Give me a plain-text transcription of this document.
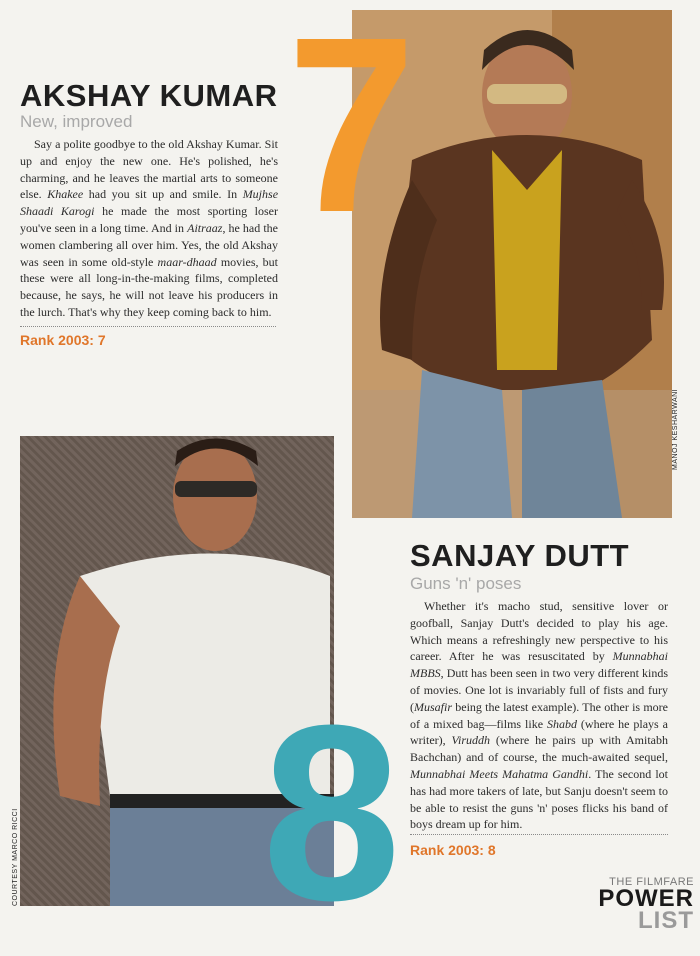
MANOJ KESHARWANI
7
AKSHAY KUMAR

New, improved

Say a polite goodbye to the old Akshay Kumar. Sit up and enjoy the new one. He's polished, he's charming, and he leaves the martial arts to someone else. Khakee had you sit up and smile. In Mujhse Shaadi Karogi he made the most sporting loser you've seen in a long time. And in Aitraaz, he had the women clambering all over him. Yes, the old Akshay was seen in some old-style maar-dhaad movies, but these were all long-in-the-making films, completed because, he says, he will not leave his producers in the lurch. That's why they keep coming back to him.

Rank 2003: 7

COURTESY MARCO RICCI 8
SANJAY DUTT

Guns 'n' poses

Whether it's macho stud, sensitive lover or goofball, Sanjay Dutt's decided to play his age. Which means a refreshingly new perspective to his career. After he was resuscitated by Munnabhai MBBS, Dutt has been seen in two very different kinds of movies. One lot is invariably full of fists and fury (Musafir being the latest example). The other is more of a mixed bag—films like Shabd (where he plays a writer), Viruddh (where he pairs up with Amitabh Bachchan) and of course, the much-awaited sequel, Munnabhai Meets Mahatma Gandhi. The second lot has had more takers of late, but Sanju doesn't seem to be able to resist the guns 'n' poses flicks his band of boys dream up for him.

Rank 2003: 8

THE FILMFARE
POWER
LIST
